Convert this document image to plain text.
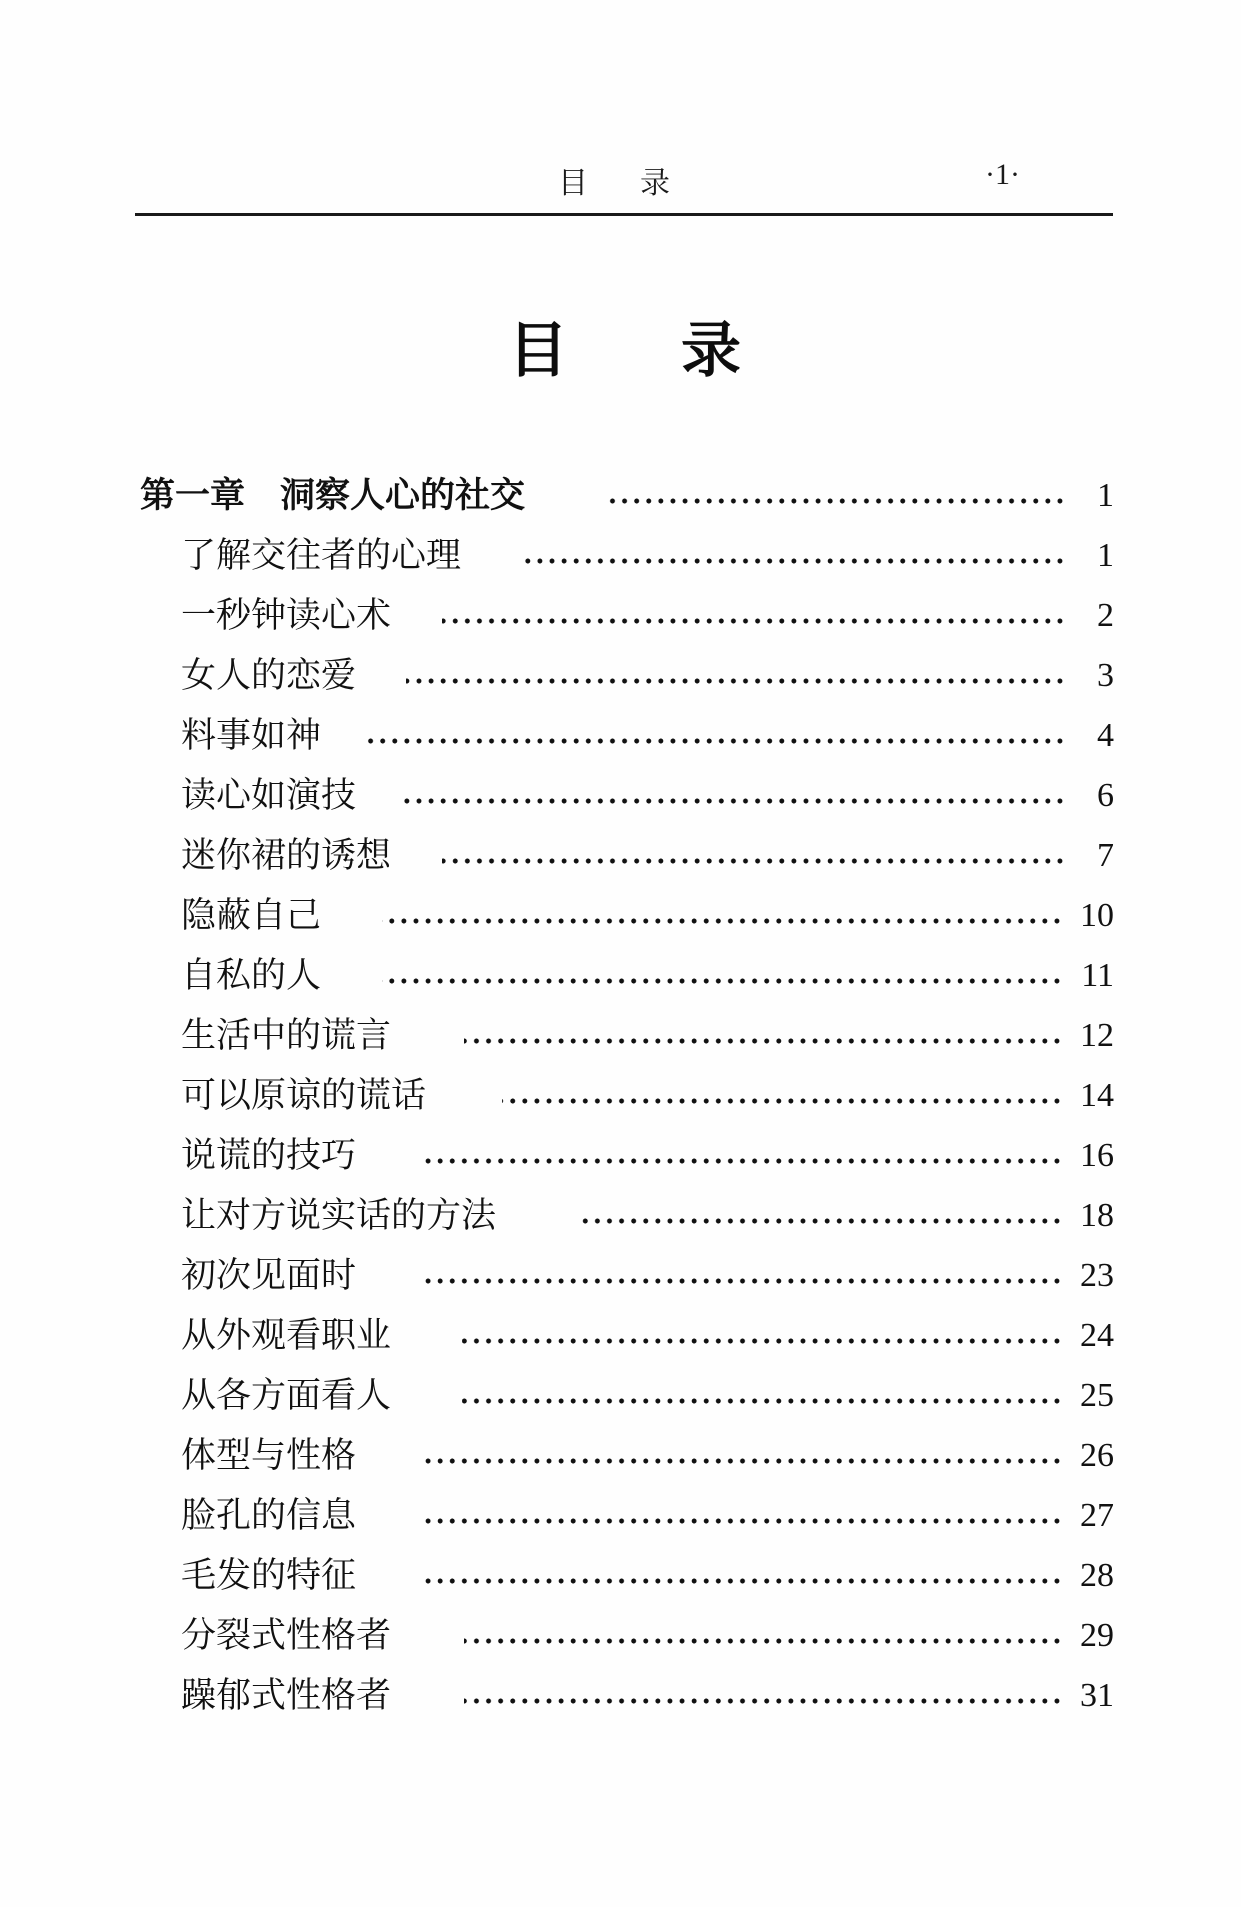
目录	·1·
目录
第一章　洞察人心的社交	1
了解交往者的心理	1
一秒钟读心术	2
女人的恋爱	3
料事如神	4
读心如演技	6
迷你裙的诱想	7
隐蔽自己	10
自私的人	11
生活中的谎言	12
可以原谅的谎话	14
说谎的技巧	16
让对方说实话的方法	18
初次见面时	23
从外观看职业	24
从各方面看人	25
体型与性格	26
脸孔的信息	27
毛发的特征	28
分裂式性格者	29
躁郁式性格者	31
